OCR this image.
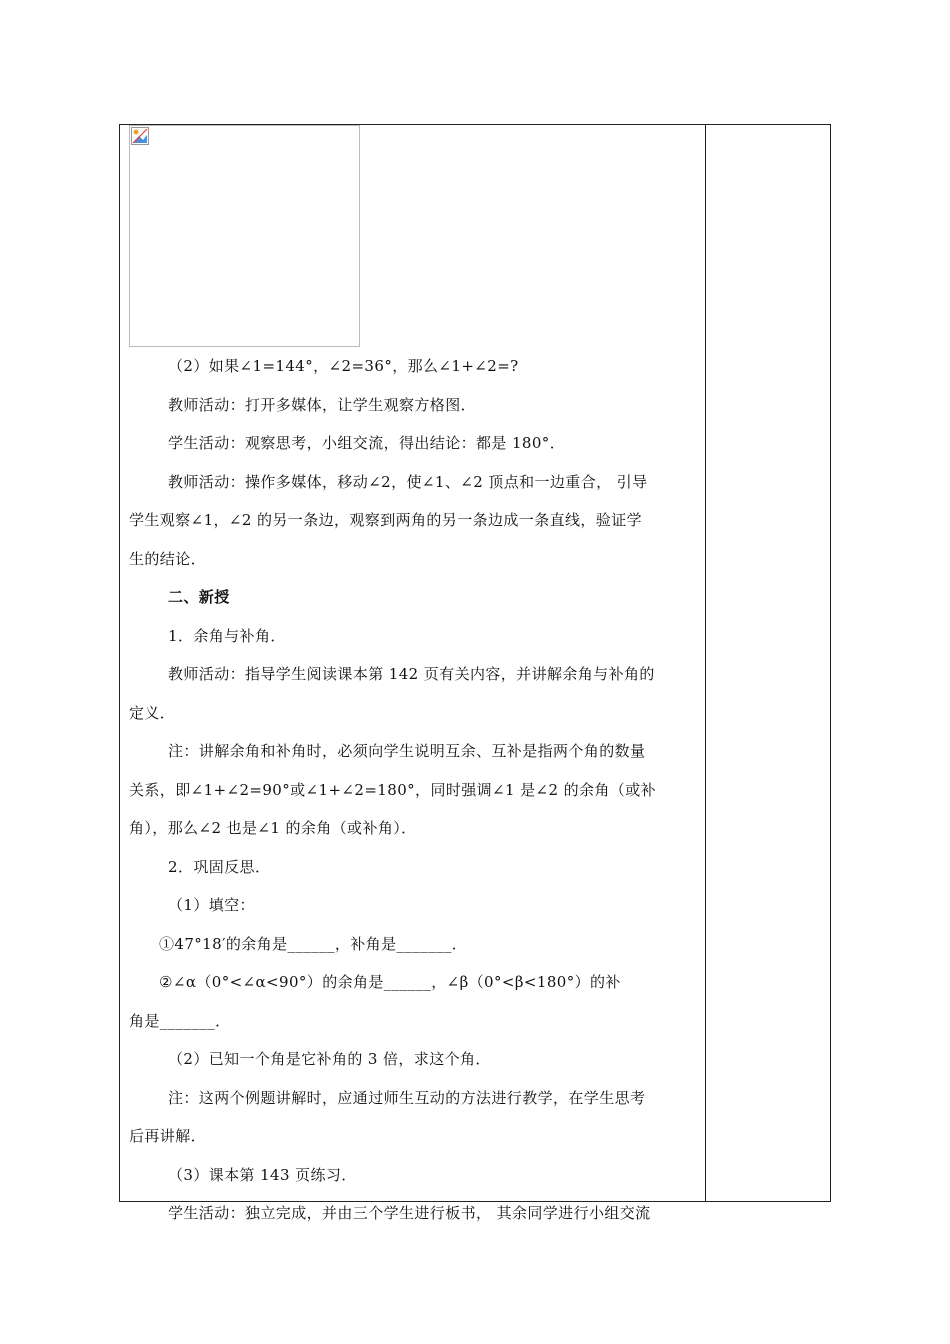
（2）如果∠1=144°，∠2=36°，那么∠1+∠2=?

教师活动：打开多媒体，让学生观察方格图．

学生活动：观察思考，小组交流，得出结论：都是 180°．

教师活动：操作多媒体，移动∠2，使∠1、∠2 顶点和一边重合， 引导

学生观察∠1，∠2 的另一条边，观察到两角的另一条边成一条直线，验证学

生的结论．

二、新授

1．余角与补角．

教师活动：指导学生阅读课本第 142 页有关内容，并讲解余角与补角的

定义．

注：讲解余角和补角时，必须向学生说明互余、互补是指两个角的数量

关系，即∠1+∠2=90°或∠1+∠2=180°，同时强调∠1 是∠2 的余角（或补

角），那么∠2 也是∠1 的余角（或补角）．

2．巩固反思．

（1）填空：

①47°18′的余角是______，补角是_______．

②∠α（0°<∠α<90°）的余角是______，∠β（0°<β<180°）的补

角是_______．

（2）已知一个角是它补角的 3 倍，求这个角．

注：这两个例题讲解时，应通过师生互动的方法进行教学，在学生思考

后再讲解．

（3）课本第 143 页练习．

学生活动：独立完成，并由三个学生进行板书， 其余同学进行小组交流
